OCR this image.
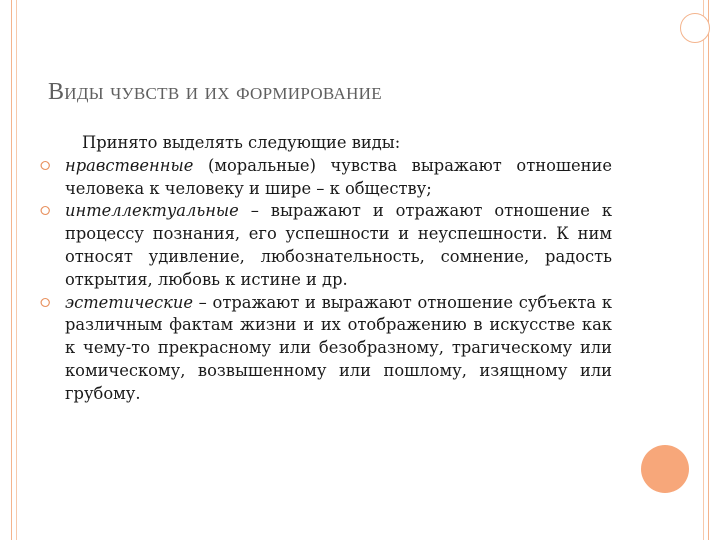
Виды чувств и их формирование

Принято выделять следующие виды:

⭘ нравственные (моральные) чувства выражают отношение человека к человеку и шире – к обществу;
⭘ интеллектуальные – выражают и отражают отношение к процессу познания, его успешности и неуспешности. К ним относят удивление, любознательность, сомнение, радость открытия, любовь к истине и др.
⭘ эстетические – отражают и выражают отношение субъекта к различным фактам жизни и их отображению в искусстве как к чему-то прекрасному или безобразному, трагическому или комическому, возвышенному или пошлому, изящному или грубому.
